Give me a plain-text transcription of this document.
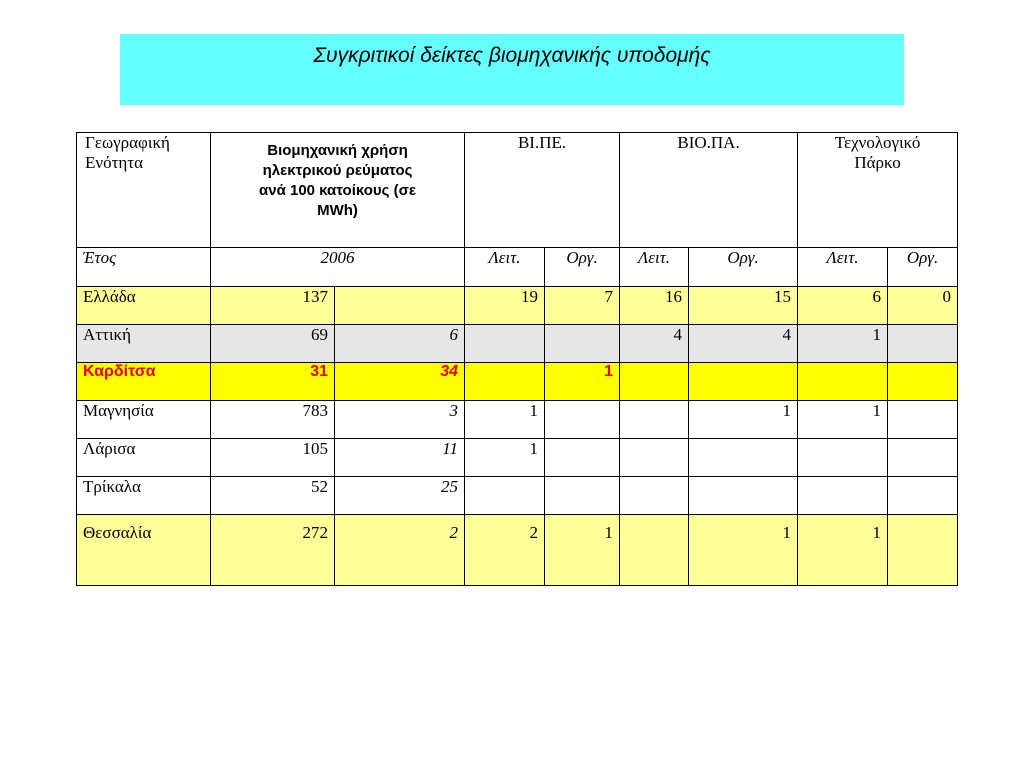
Συγκριτικοί δείκτες βιομηχανικής υποδομής
Γεωγραφική
Ενότητα	Βιομηχανική χρήση
ηλεκτρικού ρεύματος
ανά 100 κατοίκους (σε
MWh)		ΒΙ.ΠΕ.		ΒΙΟ.ΠΑ.		Τεχνολογικό
Πάρκο	
Έτος	2006		Λειτ.	Οργ.	Λειτ.	Οργ.	Λειτ.	Οργ.
Ελλάδα	137		19	7	16	15	6	0
Αττική	69	6			4	4	1	
Καρδίτσα	31	34		1				
Μαγνησία	783	3	1			1	1	
Λάρισα	105	11	1					
Τρίκαλα	52	25						
Θεσσαλία	272	2	2	1		1	1	
